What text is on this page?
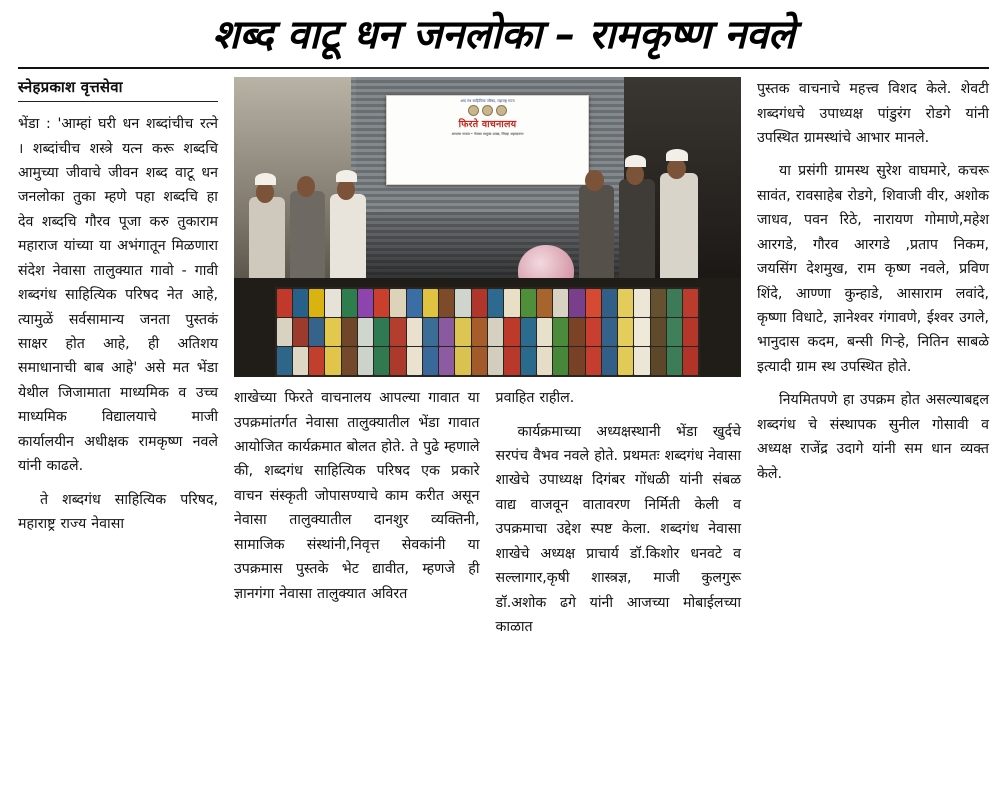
शब्द वाटू धन जनलोका – रामकृष्ण नवले
स्नेहप्रकाश वृत्तसेवा

भेंडा : 'आम्हां घरी धन शब्दांचीच रत्ने । शब्दांचीच शस्त्रे यत्न करू शब्दचि आमुच्या जीवाचे जीवन शब्द वाटू धन जनलोका तुका म्हणे पहा शब्दचि हा देव शब्दचि गौरव पूजा करु तुकाराम महाराज यांच्या या अभंगातून मिळणारा संदेश नेवासा तालुक्यात गावो - गावी शब्दगंध साहित्यिक परिषद नेत आहे, त्यामुळें सर्वसामान्य जनता पुस्तकं साक्षर होत आहे, ही अतिशय समाधानाची बाब आहे' असे मत भेंडा येथील जिजामाता माध्यमिक व उच्च माध्यमिक विद्यालयाचे माजी कार्यालयीन अधीक्षक रामकृष्ण नवले यांनी काढले.

ते शब्दगंध साहित्यिक परिषद, महाराष्ट्र राज्य नेवासा

शब्द गंध साहित्यिक परिषद, महाराष्ट्र राज्य
फिरते वाचनालय
आपल्या गावात • नेवासा तालुका शाखा, जिल्हा अहमदनगर

शाखेच्या फिरते वाचनालय आपल्या गावात या उपक्रमांतर्गत नेवासा तालुक्यातील भेंडा गावात आयोजित कार्यक्रमात बोलत होते. ते पुढे म्हणाले की, शब्दगंध साहित्यिक परिषद एक प्रकारे वाचन संस्कृती जोपासण्याचे काम करीत असून नेवासा तालुक्यातील दानशुर व्यक्तिनी, सामाजिक संस्थांनी,निवृत्त सेवकांनी या उपक्रमास पुस्तके भेट द्यावीत, म्हणजे ही ज्ञानगंगा नेवासा तालुक्यात अविरत

प्रवाहित राहील.

कार्यक्रमाच्या अध्यक्षस्थानी भेंडा खुर्दचे सरपंच वैभव नवले होते. प्रथमतः शब्दगंध नेवासा शाखेचे उपाध्यक्ष दिगंबर गोंधळी यांनी संबळ वाद्य वाजवून वातावरण निर्मिती केली व उपक्रमाचा उद्देश स्पष्ट केला. शब्दगंध नेवासा शाखेचे अध्यक्ष प्राचार्य डॉ.किशोर धनवटे व सल्लागार,कृषी शास्त्रज्ञ, माजी कुलगुरू डॉ.अशोक ढगे यांनी आजच्या मोबाईलच्या काळात

पुस्तक वाचनाचे महत्त्व विशद केले. शेवटी शब्दगंधचे उपाध्यक्ष पांडुरंग रोडगे यांनी उपस्थित ग्रामस्थांचे आभार मानले.

या प्रसंगी ग्रामस्थ सुरेश वाघमारे, कचरू सावंत, रावसाहेब रोडगे, शिवाजी वीर, अशोक जाधव, पवन रिठे, नारायण गोमाणे,महेश आरगडे, गौरव आरगडे ,प्रताप निकम, जयसिंग देशमुख, राम कृष्ण नवले, प्रविण शिंदे, आण्णा कुन्हाडे, आसाराम लवांदे, कृष्णा विधाटे, ज्ञानेश्वर गंगावणे, ईश्वर उगले, भानुदास कदम, बन्सी गिऱ्हे, नितिन साबळे इत्यादी ग्राम स्थ उपस्थित होते.

नियमितपणे हा उपक्रम होत असल्याबद्दल शब्दगंध चे संस्थापक सुनील गोसावी व अध्यक्ष राजेंद्र उदागे यांनी सम धान व्यक्त केले.
